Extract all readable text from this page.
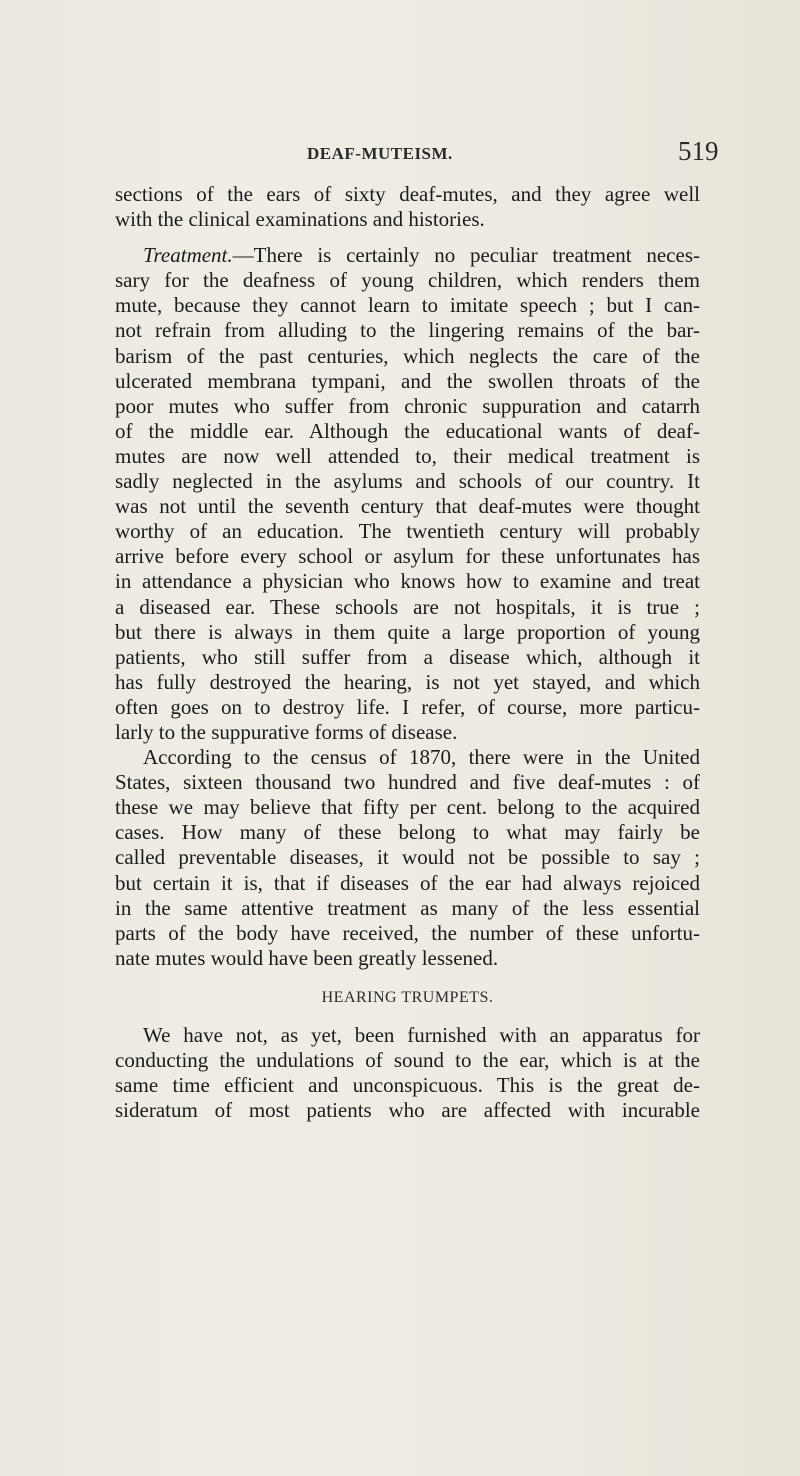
DEAF-MUTEISM.	519
sections of the ears of sixty deaf-mutes, and they agree well
with the clinical examinations and histories.
Treatment.—There is certainly no peculiar treatment neces-
sary for the deafness of young children, which renders them
mute, because they cannot learn to imitate speech ; but I can-
not refrain from alluding to the lingering remains of the bar-
barism of the past centuries, which neglects the care of the
ulcerated membrana tympani, and the swollen throats of the
poor mutes who suffer from chronic suppuration and catarrh
of the middle ear. Although the educational wants of deaf-
mutes are now well attended to, their medical treatment is
sadly neglected in the asylums and schools of our country. It
was not until the seventh century that deaf-mutes were thought
worthy of an education. The twentieth century will probably
arrive before every school or asylum for these unfortunates has
in attendance a physician who knows how to examine and treat
a diseased ear. These schools are not hospitals, it is true ;
but there is always in them quite a large proportion of young
patients, who still suffer from a disease which, although it
has fully destroyed the hearing, is not yet stayed, and which
often goes on to destroy life. I refer, of course, more particu-
larly to the suppurative forms of disease.
According to the census of 1870, there were in the United
States, sixteen thousand two hundred and five deaf-mutes : of
these we may believe that fifty per cent. belong to the acquired
cases. How many of these belong to what may fairly be
called preventable diseases, it would not be possible to say ;
but certain it is, that if diseases of the ear had always rejoiced
in the same attentive treatment as many of the less essential
parts of the body have received, the number of these unfortu-
nate mutes would have been greatly lessened.
HEARING TRUMPETS.
We have not, as yet, been furnished with an apparatus for
conducting the undulations of sound to the ear, which is at the
same time efficient and unconspicuous. This is the great de-
sideratum of most patients who are affected with incurable
